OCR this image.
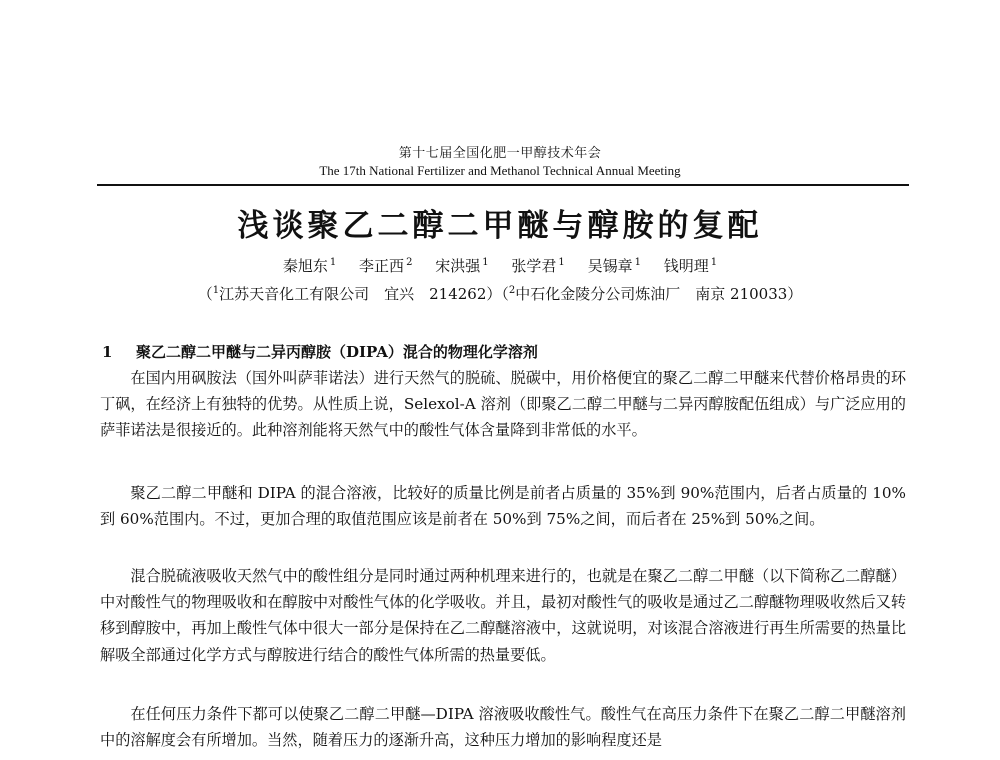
第十七届全国化肥一甲醇技术年会
The 17th National Fertilizer and Methanol Technical Annual Meeting
浅谈聚乙二醇二甲醚与醇胺的复配
秦旭东 $^1$ 李正西 $^2$ 宋洪强 $^1$ 张学君 $^1$ 吴锡章 $^1$ 钱明理 $^1$
（$^1$江苏天音化工有限公司　宜兴　214262）（$^2$中石化金陵分公司炼油厂　南京 210033）
1 聚乙二醇二甲醚与二异丙醇胺（DIPA）混合的物理化学溶剂

在国内用砜胺法（国外叫萨菲诺法）进行天然气的脱硫、脱碳中，用价格便宜的聚乙二醇二甲醚来代替价格昂贵的环丁砜，在经济上有独特的优势。从性质上说，Selexol-A 溶剂（即聚乙二醇二甲醚与二异丙醇胺配伍组成）与广泛应用的萨菲诺法是很接近的。此种溶剂能将天然气中的酸性气体含量降到非常低的水平。

聚乙二醇二甲醚和 DIPA 的混合溶液，比较好的质量比例是前者占质量的 35%到 90%范围内，后者占质量的 10%到 60%范围内。不过，更加合理的取值范围应该是前者在 50%到 75%之间，而后者在 25%到 50%之间。

混合脱硫液吸收天然气中的酸性组分是同时通过两种机理来进行的，也就是在聚乙二醇二甲醚（以下简称乙二醇醚）中对酸性气的物理吸收和在醇胺中对酸性气体的化学吸收。并且，最初对酸性气的吸收是通过乙二醇醚物理吸收然后又转移到醇胺中，再加上酸性气体中很大一部分是保持在乙二醇醚溶液中，这就说明，对该混合溶液进行再生所需要的热量比解吸全部通过化学方式与醇胺进行结合的酸性气体所需的热量要低。

在任何压力条件下都可以使聚乙二醇二甲醚—DIPA 溶液吸收酸性气。酸性气在高压力条件下在聚乙二醇二甲醚溶剂中的溶解度会有所增加。当然，随着压力的逐渐升高，这种压力增加的影响程度还是
